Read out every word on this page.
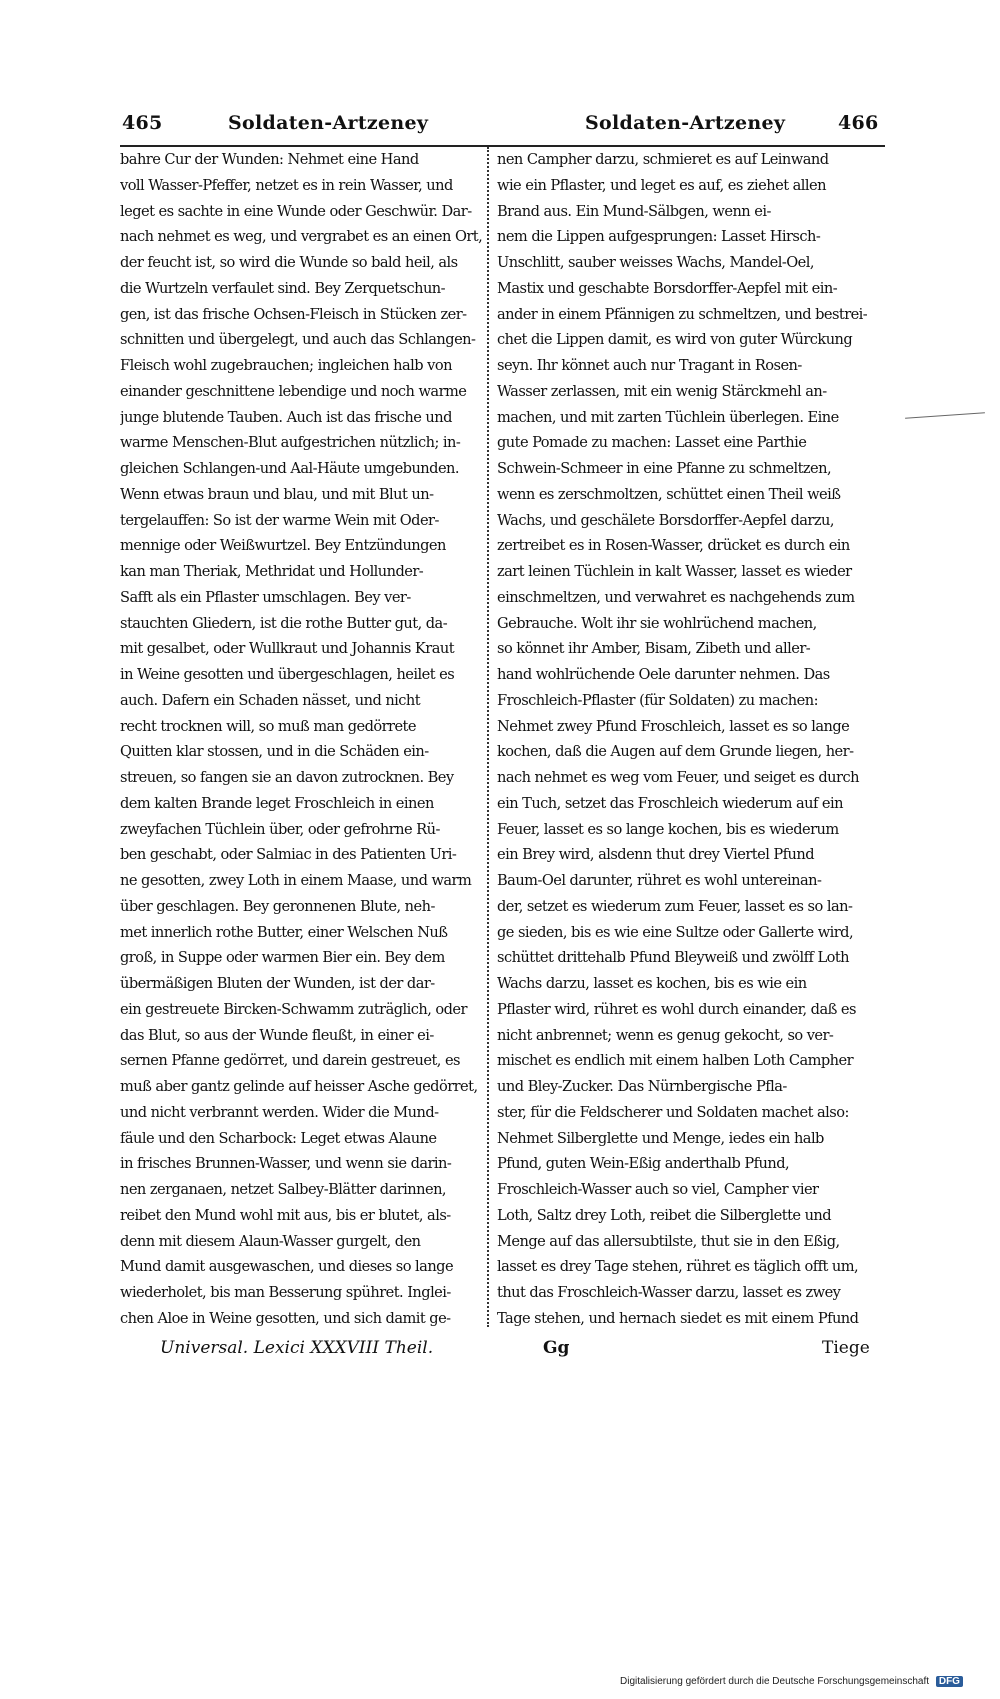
465	Soldaten-Artzeney	Soldaten-Artzeney	466
bahre Cur der Wunden: Nehmet eine Hand
voll Wasser-Pfeffer, netzet es in rein Wasser, und
leget es sachte in eine Wunde oder Geschwür. Dar-
nach nehmet es weg, und vergrabet es an einen Ort,
der feucht ist, so wird die Wunde so bald heil, als
die Wurtzeln verfaulet sind. Bey Zerquetschun-
gen, ist das frische Ochsen-Fleisch in Stücken zer-
schnitten und übergelegt, und auch das Schlangen-
Fleisch wohl zugebrauchen; ingleichen halb von
einander geschnittene lebendige und noch warme
junge blutende Tauben. Auch ist das frische und
warme Menschen-Blut aufgestrichen nützlich; in-
gleichen Schlangen-und Aal-Häute umgebunden.
Wenn etwas braun und blau, und mit Blut un-
tergelauffen: So ist der warme Wein mit Oder-
mennige oder Weißwurtzel. Bey Entzündungen
kan man Theriak, Methridat und Hollunder-
Safft als ein Pflaster umschlagen. Bey ver-
stauchten Gliedern, ist die rothe Butter gut, da-
mit gesalbet, oder Wullkraut und Johannis Kraut
in Weine gesotten und übergeschlagen, heilet es
auch. Dafern ein Schaden nässet, und nicht
recht trocknen will, so muß man gedörrete
Quitten klar stossen, und in die Schäden ein-
streuen, so fangen sie an davon zutrocknen. Bey
dem kalten Brande leget Froschleich in einen
zweyfachen Tüchlein über, oder gefrohrne Rü-
ben geschabt, oder Salmiac in des Patienten Uri-
ne gesotten, zwey Loth in einem Maase, und warm
über geschlagen. Bey geronnenen Blute, neh-
met innerlich rothe Butter, einer Welschen Nuß
groß, in Suppe oder warmen Bier ein. Bey dem
übermäßigen Bluten der Wunden, ist der dar-
ein gestreuete Bircken-Schwamm zuträglich, oder
das Blut, so aus der Wunde fleußt, in einer ei-
sernen Pfanne gedörret, und darein gestreuet, es
muß aber gantz gelinde auf heisser Asche gedörret,
und nicht verbrannt werden. Wider die Mund-
fäule und den Scharbock: Leget etwas Alaune
in frisches Brunnen-Wasser, und wenn sie darin-
nen zerganaen, netzet Salbey-Blätter darinnen,
reibet den Mund wohl mit aus, bis er blutet, als-
denn mit diesem Alaun-Wasser gurgelt, den
Mund damit ausgewaschen, und dieses so lange
wiederholet, bis man Besserung spühret. Inglei-
chen Aloe in Weine gesotten, und sich damit ge-
nen Campher darzu, schmieret es auf Leinwand
wie ein Pflaster, und leget es auf, es ziehet allen
Brand aus. Ein Mund-Sälbgen, wenn ei-
nem die Lippen aufgesprungen: Lasset Hirsch-
Unschlitt, sauber weisses Wachs, Mandel-Oel,
Mastix und geschabte Borsdorffer-Aepfel mit ein-
ander in einem Pfännigen zu schmeltzen, und bestrei-
chet die Lippen damit, es wird von guter Würckung
seyn. Ihr könnet auch nur Tragant in Rosen-
Wasser zerlassen, mit ein wenig Stärckmehl an-
machen, und mit zarten Tüchlein überlegen. Eine
gute Pomade zu machen: Lasset eine Parthie
Schwein-Schmeer in eine Pfanne zu schmeltzen,
wenn es zerschmoltzen, schüttet einen Theil weiß
Wachs, und geschälete Borsdorffer-Aepfel darzu,
zertreibet es in Rosen-Wasser, drücket es durch ein
zart leinen Tüchlein in kalt Wasser, lasset es wieder
einschmeltzen, und verwahret es nachgehends zum
Gebrauche. Wolt ihr sie wohlrüchend machen,
so könnet ihr Amber, Bisam, Zibeth und aller-
hand wohlrüchende Oele darunter nehmen. Das
Froschleich-Pflaster (für Soldaten) zu machen:
Nehmet zwey Pfund Froschleich, lasset es so lange
kochen, daß die Augen auf dem Grunde liegen, her-
nach nehmet es weg vom Feuer, und seiget es durch
ein Tuch, setzet das Froschleich wiederum auf ein
Feuer, lasset es so lange kochen, bis es wiederum
ein Brey wird, alsdenn thut drey Viertel Pfund
Baum-Oel darunter, rühret es wohl untereinan-
der, setzet es wiederum zum Feuer, lasset es so lan-
ge sieden, bis es wie eine Sultze oder Gallerte wird,
schüttet drittehalb Pfund Bleyweiß und zwölff Loth
Wachs darzu, lasset es kochen, bis es wie ein
Pflaster wird, rühret es wohl durch einander, daß es
nicht anbrennet; wenn es genug gekocht, so ver-
mischet es endlich mit einem halben Loth Campher
und Bley-Zucker. Das Nürnbergische Pfla-
ster, für die Feldscherer und Soldaten machet also:
Nehmet Silberglette und Menge, iedes ein halb
Pfund, guten Wein-Eßig anderthalb Pfund,
Froschleich-Wasser auch so viel, Campher vier
Loth, Saltz drey Loth, reibet die Silberglette und
Menge auf das allersubtilste, thut sie in den Eßig,
lasset es drey Tage stehen, rühret es täglich offt um,
thut das Froschleich-Wasser darzu, lasset es zwey
Tage stehen, und hernach siedet es mit einem Pfund
Universal. Lexici XXXVIII Theil.	Gg	Tiege
Digitalisierung gefördert durch die Deutsche Forschungsgemeinschaft DFG
